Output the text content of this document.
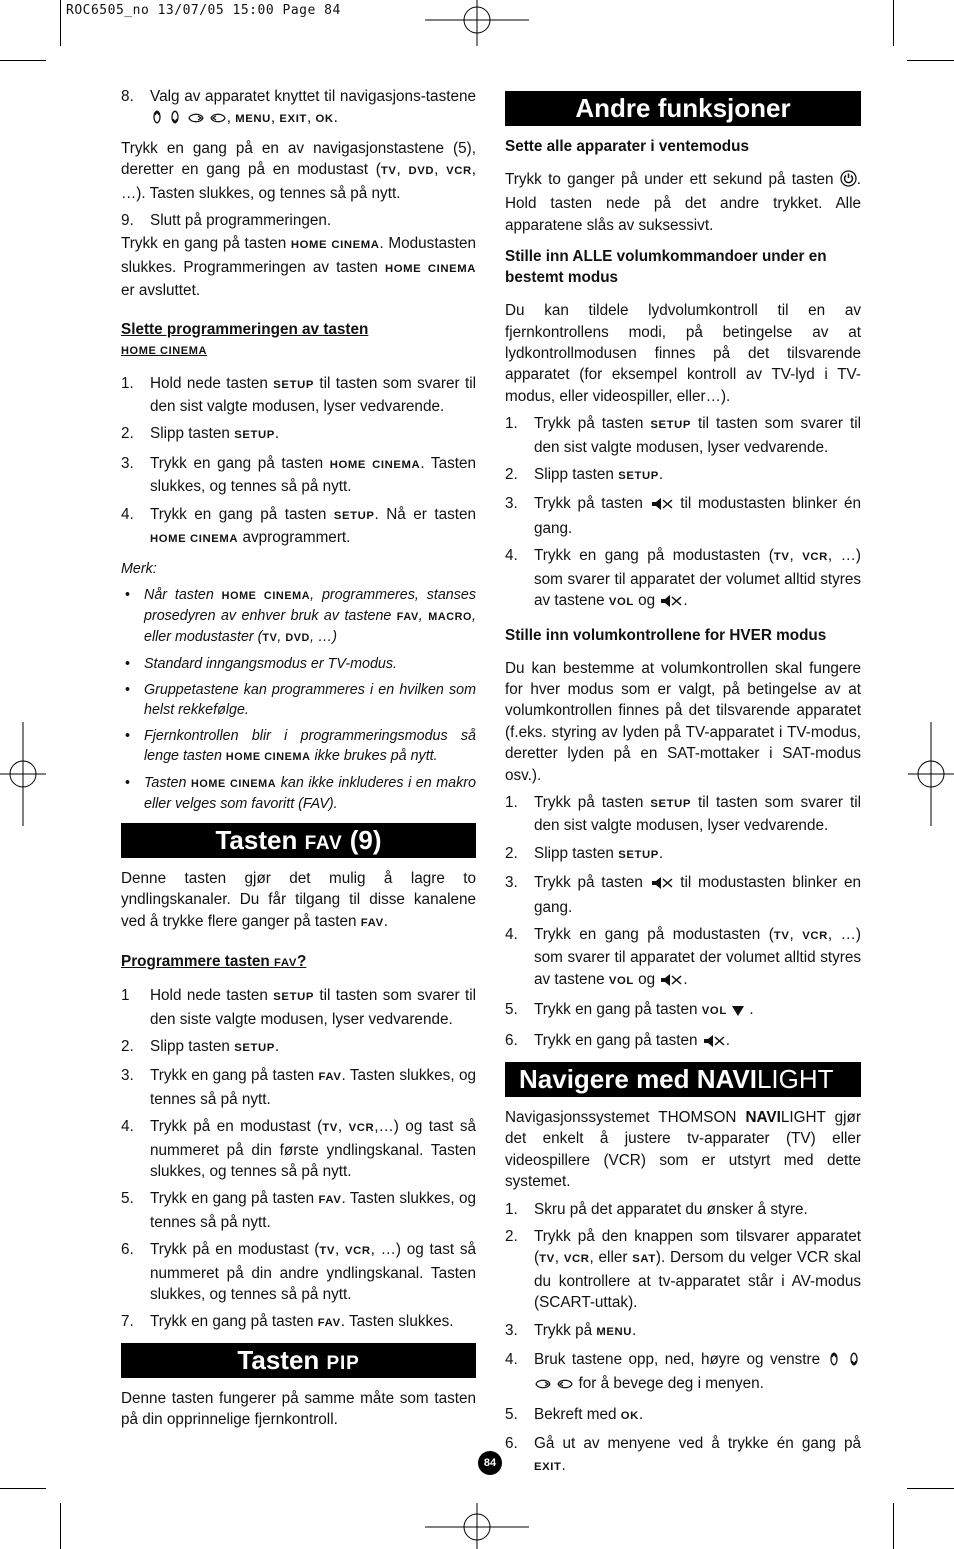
ROC6505_no 13/07/05 15:00 Page 84
8. Valg av apparatet knyttet til navigasjons-tastene    , MENU, EXIT, OK.

Trykk en gang på en av navigasjonstastene (5), deretter en gang på en modustast (TV, DVD, VCR, …). Tasten slukkes, og tennes så på nytt.

9. Slutt på programmeringen.

Trykk en gang på tasten HOME CINEMA. Modustasten slukkes. Programmeringen av tasten HOME CINEMA er avsluttet.

Slette programmeringen av tasten
HOME CINEMA
1. Hold nede tasten SETUP til tasten som svarer til den sist valgte modusen, lyser vedvarende.
2. Slipp tasten SETUP.
3. Trykk en gang på tasten HOME CINEMA. Tasten slukkes, og tennes så på nytt.
4. Trykk en gang på tasten SETUP. Nå er tasten HOME CINEMA avprogrammert.
Merk:
• Når tasten HOME CINEMA, programmeres, stanses prosedyren av enhver bruk av tastene FAV, MACRO, eller modustaster (TV, DVD, …)
• Standard inngangsmodus er TV-modus.
• Gruppetastene kan programmeres i en hvilken som helst rekkefølge.
• Fjernkontrollen blir i programmeringsmodus så lenge tasten HOME CINEMA ikke brukes på nytt.
• Tasten HOME CINEMA kan ikke inkluderes i en makro eller velges som favoritt (FAV).
Tasten FAV (9)

Denne tasten gjør det mulig å lagre to yndlingskanaler. Du får tilgang til disse kanalene ved å trykke flere ganger på tasten FAV.

Programmere tasten FAV?
1 Hold nede tasten SETUP til tasten som svarer til den siste valgte modusen, lyser vedvarende.
2. Slipp tasten SETUP.
3. Trykk en gang på tasten FAV. Tasten slukkes, og tennes så på nytt.
4. Trykk på en modustast (TV, VCR,…) og tast så nummeret på din første yndlingskanal. Tasten slukkes, og tennes så på nytt.
5. Trykk en gang på tasten FAV. Tasten slukkes, og tennes så på nytt.
6. Trykk på en modustast (TV, VCR, …) og tast så nummeret på din andre yndlingskanal. Tasten slukkes, og tennes så på nytt.
7. Trykk en gang på tasten FAV. Tasten slukkes.
Tasten PIP

Denne tasten fungerer på samme måte som tasten på din opprinnelige fjernkontroll.

Andre funksjoner
Sette alle apparater i ventemodus

Trykk to ganger på under ett sekund på tasten . Hold tasten nede på det andre trykket. Alle apparatene slås av suksessivt.

Stille inn ALLE volumkommandoer under en bestemt modus

Du kan tildele lydvolumkontroll til en av fjernkontrollens modi, på betingelse av at lydkontrollmodusen finnes på det tilsvarende apparatet (for eksempel kontroll av TV-lyd i TV-modus, eller videospiller, eller…).

1. Trykk på tasten SETUP til tasten som svarer til den sist valgte modusen, lyser vedvarende.
2. Slipp tasten SETUP.
3. Trykk på tasten til modustasten blinker én gang.
4. Trykk en gang på modustasten (TV, VCR, …) som svarer til apparatet der volumet alltid styres av tastene VOL og .
Stille inn volumkontrollene for HVER modus

Du kan bestemme at volumkontrollen skal fungere for hver modus som er valgt, på betingelse av at volumkontrollen finnes på det tilsvarende apparatet (f.eks. styring av lyden på TV-apparatet i TV-modus, deretter lyden på en SAT-mottaker i SAT-modus osv.).

1. Trykk på tasten SETUP til tasten som svarer til den sist valgte modusen, lyser vedvarende.
2. Slipp tasten SETUP.
3. Trykk på tasten til modustasten blinker en gang.
4. Trykk en gang på modustasten (TV, VCR, …) som svarer til apparatet der volumet alltid styres av tastene VOL og .
5. Trykk en gang på tasten VOL .
6. Trykk en gang på tasten .
Navigere med NAVILIGHT

Navigasjonssystemet THOMSON NAVILIGHT gjør det enkelt å justere tv-apparater (TV) eller videospillere (VCR) som er utstyrt med dette systemet.

1. Skru på det apparatet du ønsker å styre.
2. Trykk på den knappen som tilsvarer apparatet (TV, VCR, eller SAT). Dersom du velger VCR skal du kontrollere at tv-apparatet står i AV-modus (SCART-uttak).
3. Trykk på MENU.
4. Bruk tastene opp, ned, høyre og venstre     for å bevege deg i menyen.
5. Bekreft med OK.
6. Gå ut av menyene ved å trykke én gang på EXIT.
84
